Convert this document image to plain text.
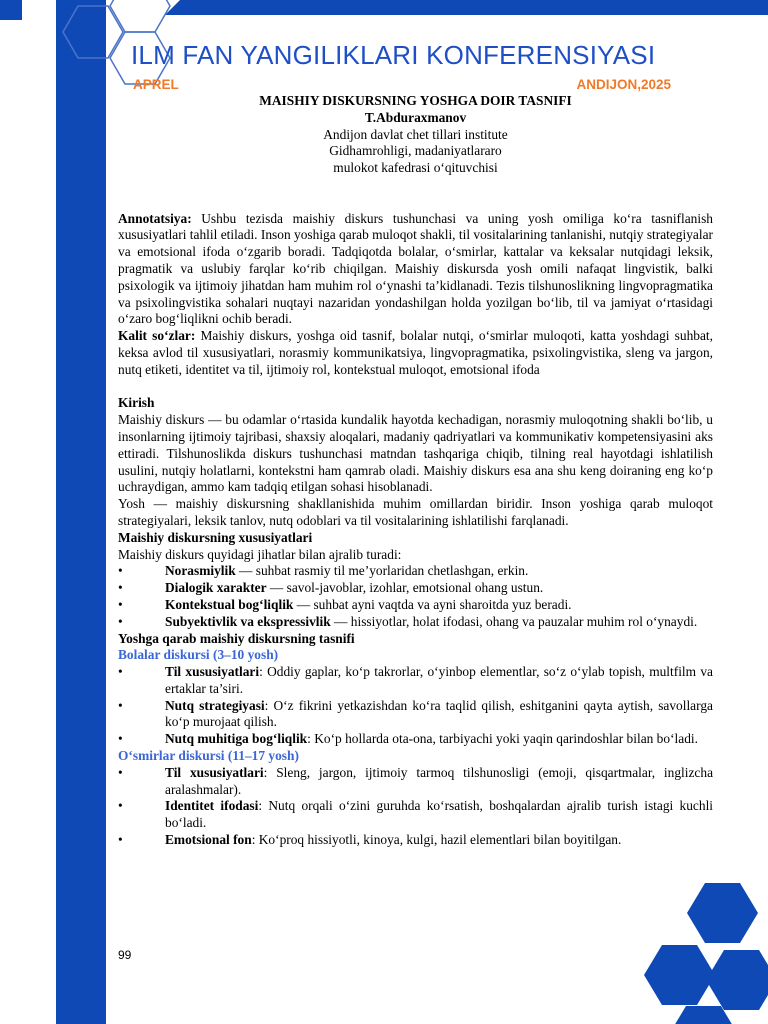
ILM FAN YANGILIKLARI KONFERENSIYASI
APREL	ANDIJON,2025

MAISHIY DISKURSNING YOSHGA DOIR TASNIFI

T.Abduraxmanov

Andijon davlat chet tillari institute

Gidhamrohligi, madaniyatlararo

mulokot kafedrasi o‘qituvchisi

Annotatsiya: Ushbu tezisda maishiy diskurs tushunchasi va uning yosh omiliga ko‘ra tasniflanish xususiyatlari tahlil etiladi. Inson yoshiga qarab muloqot shakli, til vositalarining tanlanishi, nutqiy strategiyalar va emotsional ifoda o‘zgarib boradi. Tadqiqotda bolalar, o‘smirlar, kattalar va keksalar nutqidagi leksik, pragmatik va uslubiy farqlar ko‘rib chiqilgan. Maishiy diskursda yosh omili nafaqat lingvistik, balki psixologik va ijtimoiy jihatdan ham muhim rol o‘ynashi ta’kidlanadi. Tezis tilshunoslikning lingvopragmatika va psixolingvistika sohalari nuqtayi nazaridan yondashilgan holda yozilgan bo‘lib, til va jamiyat o‘rtasidagi o‘zaro bog‘liqlikni ochib beradi.

Kalit so‘zlar: Maishiy diskurs, yoshga oid tasnif, bolalar nutqi, o‘smirlar muloqoti, katta yoshdagi suhbat, keksa avlod til xususiyatlari, norasmiy kommunikatsiya, lingvopragmatika, psixolingvistika, sleng va jargon, nutq etiketi, identitet va til, ijtimoiy rol, kontekstual muloqot, emotsional ifoda

Kirish

Maishiy diskurs — bu odamlar o‘rtasida kundalik hayotda kechadigan, norasmiy muloqotning shakli bo‘lib, u insonlarning ijtimoiy tajribasi, shaxsiy aloqalari, madaniy qadriyatlari va kommunikativ kompetensiyasini aks ettiradi. Tilshunoslikda diskurs tushunchasi matndan tashqariga chiqib, tilning real hayotdagi ishlatilish usulini, nutqiy holatlarni, kontekstni ham qamrab oladi. Maishiy diskurs esa ana shu keng doiraning eng ko‘p uchraydigan, ammo kam tadqiq etilgan sohasi hisoblanadi.

Yosh — maishiy diskursning shakllanishida muhim omillardan biridir. Inson yoshiga qarab muloqot strategiyalari, leksik tanlov, nutq odoblari va til vositalarining ishlatilishi farqlanadi.

Maishiy diskursning xususiyatlari

Maishiy diskurs quyidagi jihatlar bilan ajralib turadi:

•	Norasmiylik — suhbat rasmiy til me’yorlaridan chetlashgan, erkin.
•	Dialogik xarakter — savol-javoblar, izohlar, emotsional ohang ustun.
•	Kontekstual bog‘liqlik — suhbat ayni vaqtda va ayni sharoitda yuz beradi.
•	Subyektivlik va ekspressivlik — hissiyotlar, holat ifodasi, ohang va pauzalar muhim rol o‘ynaydi.

Yoshga qarab maishiy diskursning tasnifi

Bolalar diskursi (3–10 yosh)

•	Til xususiyatlari: Oddiy gaplar, ko‘p takrorlar, o‘yinbop elementlar, so‘z o‘ylab topish, multfilm va ertaklar ta’siri.
•	Nutq strategiyasi: O‘z fikrini yetkazishdan ko‘ra taqlid qilish, eshitganini qayta aytish, savollarga ko‘p murojaat qilish.
•	Nutq muhitiga bog‘liqlik: Ko‘p hollarda ota-ona, tarbiyachi yoki yaqin qarindoshlar bilan bo‘ladi.

O‘smirlar diskursi (11–17 yosh)

•	Til xususiyatlari: Sleng, jargon, ijtimoiy tarmoq tilshunosligi (emoji, qisqartmalar, inglizcha aralashmalar).
•	Identitet ifodasi: Nutq orqali o‘zini guruhda ko‘rsatish, boshqalardan ajralib turish istagi kuchli bo‘ladi.
•	Emotsional fon: Ko‘proq hissiyotli, kinoya, kulgi, hazil elementlari bilan boyitilgan.
99
